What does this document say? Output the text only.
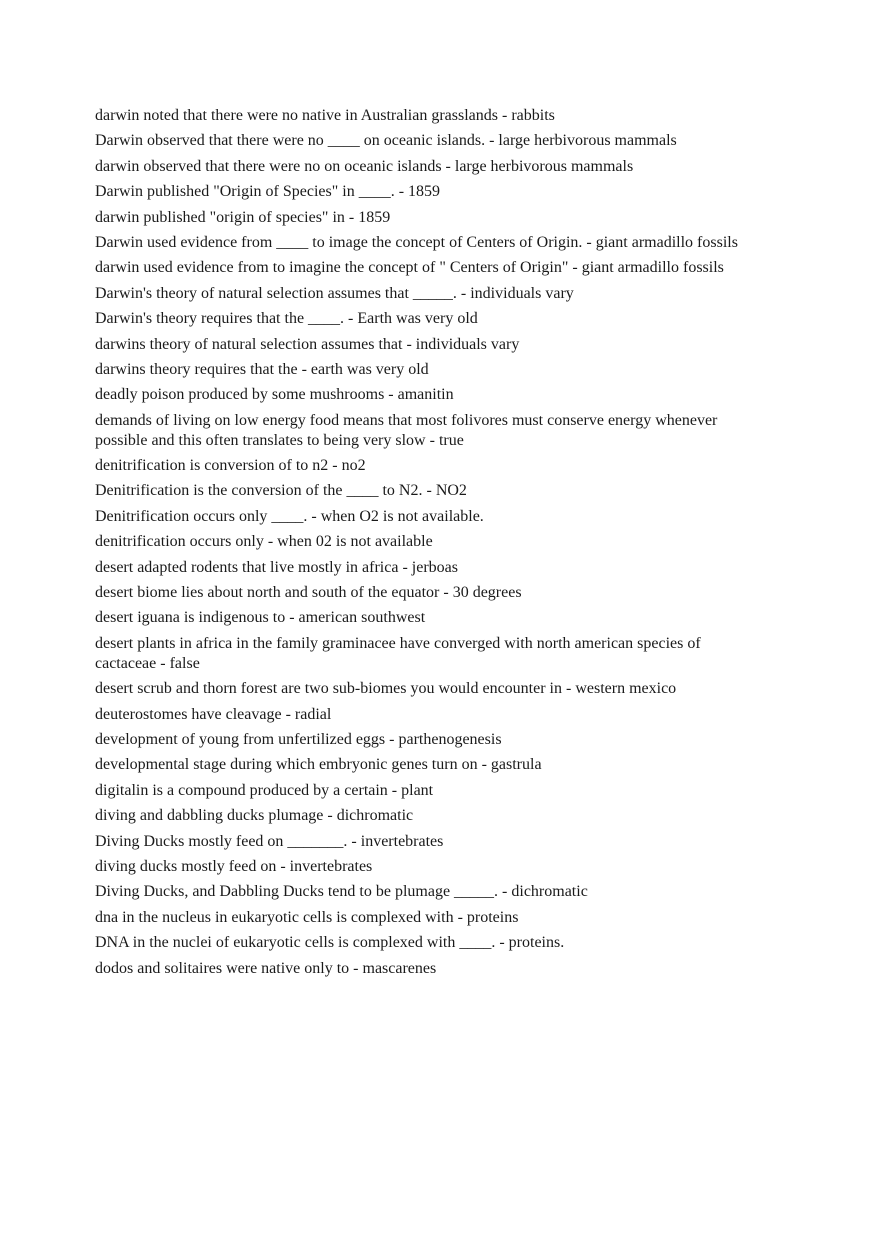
darwin noted that there were no native in Australian grasslands - rabbits
Darwin observed that there were no ____ on oceanic islands. - large herbivorous mammals
darwin observed that there were no on oceanic islands - large herbivorous mammals
Darwin published "Origin of Species" in ____. - 1859
darwin published "origin of species" in - 1859
Darwin used evidence from ____ to image the concept of Centers of Origin. - giant armadillo fossils
darwin used evidence from to imagine the concept of " Centers of Origin" - giant armadillo fossils
Darwin's theory of natural selection assumes that _____. - individuals vary
Darwin's theory requires that the ____. - Earth was very old
darwins theory of natural selection assumes that - individuals vary
darwins theory requires that the - earth was very old
deadly poison produced by some mushrooms - amanitin
demands of living on low energy food means that most folivores must conserve energy whenever possible and this often translates to being very slow - true
denitrification is conversion of to n2 - no2
Denitrification is the conversion of the ____ to N2. - NO2
Denitrification occurs only ____. - when O2 is not available.
denitrification occurs only - when 02 is not available
desert adapted rodents that live mostly in africa - jerboas
desert biome lies about north and south of the equator - 30 degrees
desert iguana is indigenous to - american southwest
desert plants in africa in the family graminacee have converged with north american species of cactaceae - false
desert scrub and thorn forest are two sub-biomes you would encounter in - western mexico
deuterostomes have cleavage - radial
development of young from unfertilized eggs - parthenogenesis
developmental stage during which embryonic genes turn on - gastrula
digitalin is a compound produced by a certain - plant
diving and dabbling ducks plumage - dichromatic
Diving Ducks mostly feed on _______. - invertebrates
diving ducks mostly feed on - invertebrates
Diving Ducks, and Dabbling Ducks tend to be plumage _____. - dichromatic
dna in the nucleus in eukaryotic cells is complexed with - proteins
DNA in the nuclei of eukaryotic cells is complexed with ____. - proteins.
dodos and solitaires were native only to - mascarenes
